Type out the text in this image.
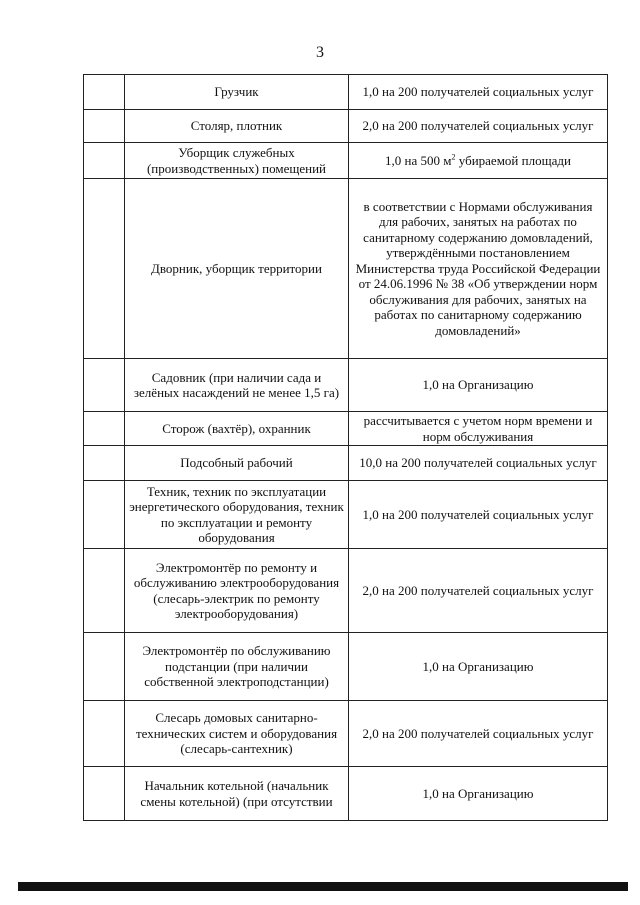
3
	Грузчик	1,0 на 200 получателей социальных услуг
	Столяр, плотник	2,0 на 200 получателей социальных услуг
	Уборщик служебных (производственных) помещений	1,0 на 500 $м^2$ убираемой площади
	Дворник, уборщик территории	в соответствии с Нормами обслуживания для рабочих, занятых на работах по санитарному содержанию домовладений, утверждёнными постановлением Министерства труда Российской Федерации от 24.06.1996 № 38 «Об утверждении норм обслуживания для рабочих, занятых на работах по санитарному содержанию домовладений»
	Садовник (при наличии сада и зелёных насаждений не менее 1,5 га)	1,0 на Организацию
	Сторож (вахтёр), охранник	рассчитывается с учетом норм времени и норм обслуживания
	Подсобный рабочий	10,0 на 200 получателей социальных услуг
	Техник, техник по эксплуатации энергетического оборудования, техник по эксплуатации и ремонту оборудования	1,0 на 200 получателей социальных услуг
	Электромонтёр по ремонту и обслуживанию электрооборудования (слесарь-электрик по ремонту электрооборудования)	2,0 на 200 получателей социальных услуг
	Электромонтёр по обслуживанию подстанции (при наличии собственной электроподстанции)	1,0 на Организацию
	Слесарь домовых санитарно-технических систем и оборудования (слесарь-сантехник)	2,0 на 200 получателей социальных услуг
	Начальник котельной (начальник смены котельной) (при отсутствии	1,0 на Организацию
